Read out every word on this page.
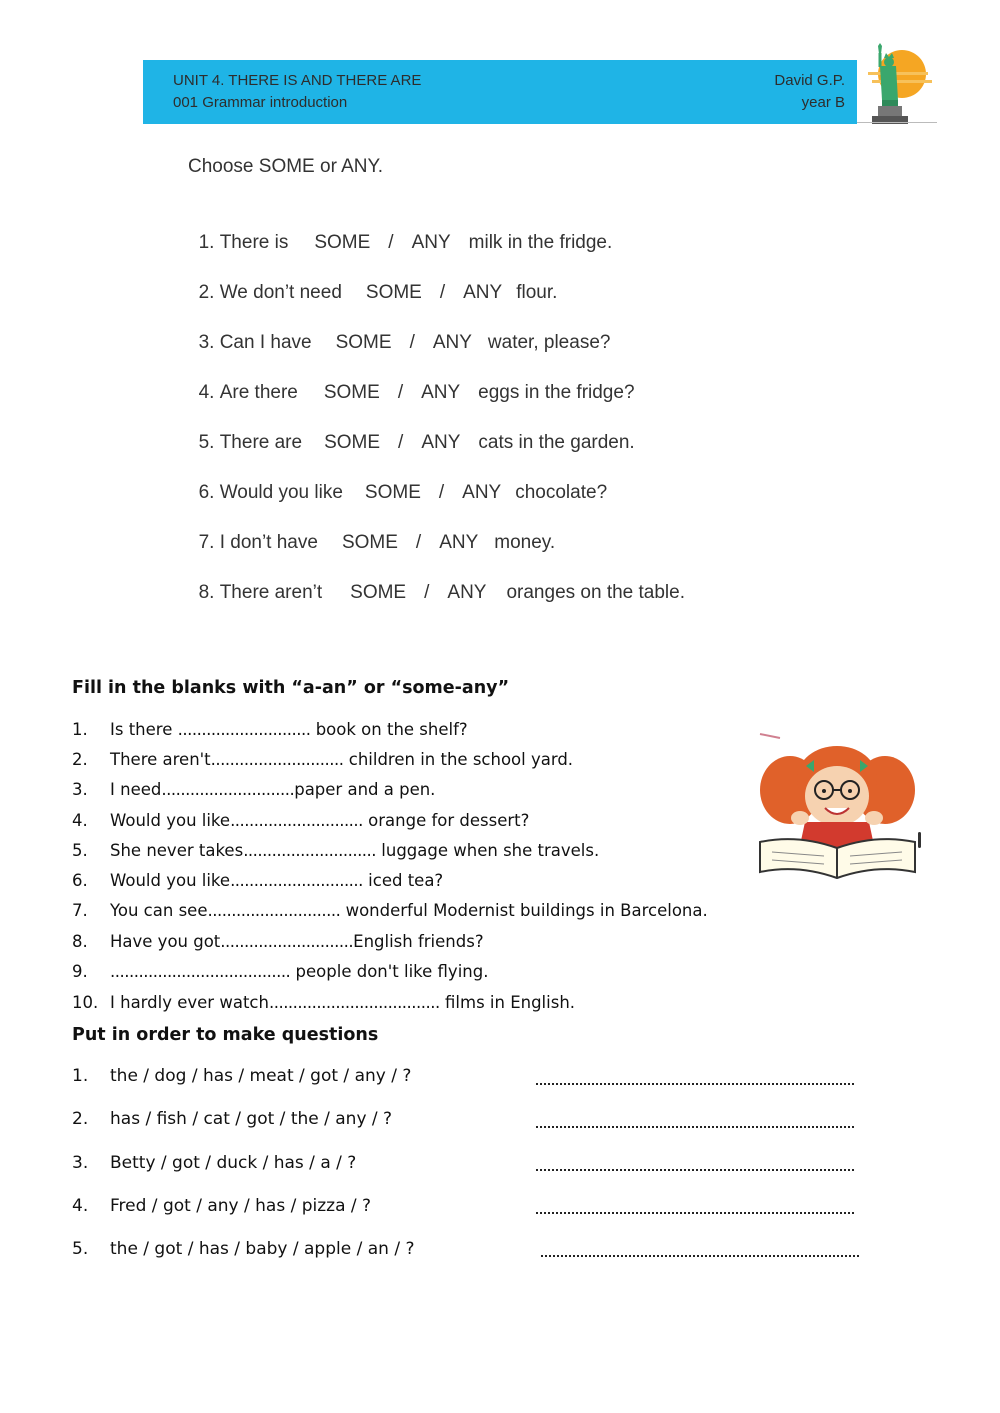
UNIT 4. THERE IS AND THERE ARE
001 Grammar introduction
David G.P.
year B
Choose SOME or ANY.

1. There is SOME / ANY milk in the fridge.

2. We don’t need SOME / ANY flour.

3. Can I have SOME / ANY water, please?

4. Are there SOME / ANY eggs in the fridge?

5. There are SOME / ANY cats in the garden.

6. Would you like SOME / ANY chocolate?

7. I don’t have SOME / ANY money.

8. There aren’t SOME / ANY oranges on the table.

Fill in the blanks with “a-an” or “some-any”
1. Is there ............................ book on the shelf?
2. There aren't............................ children in the school yard.
3. I need............................paper and a pen.
4. Would you like............................ orange for dessert?
5. She never takes............................ luggage when she travels.
6. Would you like............................ iced tea?
7. You can see............................ wonderful Modernist buildings in Barcelona.
8. Have you got............................English friends?
9. ...................................... people don't like flying.
10. I hardly ever watch.................................... films in English.
Put in order to make questions
1. the / dog / has / meat / got / any / ?
2. has / fish / cat / got / the / any / ?
3. Betty / got / duck / has / a / ?
4. Fred / got / any / has / pizza / ?
5. the / got / has / baby / apple / an / ?
